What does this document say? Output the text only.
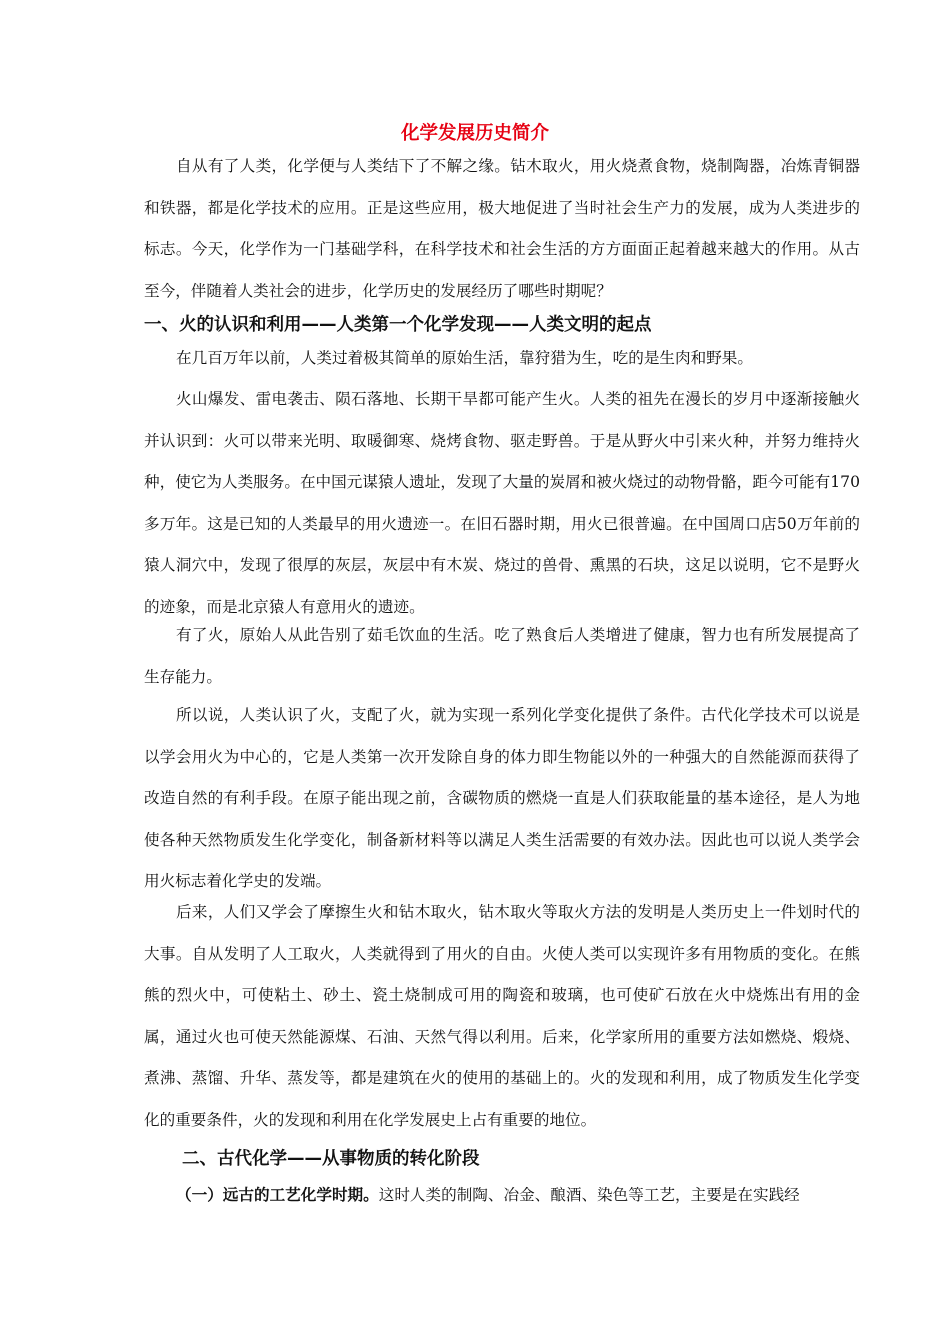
化学发展历史简介

自从有了人类，化学便与人类结下了不解之缘。钻木取火，用火烧煮食物，烧制陶器，冶炼青铜器和铁器，都是化学技术的应用。正是这些应用，极大地促进了当时社会生产力的发展，成为人类进步的标志。今天，化学作为一门基础学科，在科学技术和社会生活的方方面面正起着越来越大的作用。从古至今，伴随着人类社会的进步，化学历史的发展经历了哪些时期呢？

一、火的认识和利用——人类第一个化学发现——人类文明的起点

在几百万年以前，人类过着极其简单的原始生活，靠狩猎为生，吃的是生肉和野果。

火山爆发、雷电袭击、陨石落地、长期干旱都可能产生火。人类的祖先在漫长的岁月中逐渐接触火并认识到：火可以带来光明、取暖御寒、烧烤食物、驱走野兽。于是从野火中引来火种，并努力维持火种，使它为人类服务。在中国元谋猿人遗址，发现了大量的炭屑和被火烧过的动物骨骼，距今可能有170多万年。这是已知的人类最早的用火遗迹一。在旧石器时期，用火已很普遍。在中国周口店50万年前的猿人洞穴中，发现了很厚的灰层，灰层中有木炭、烧过的兽骨、熏黑的石块，这足以说明，它不是野火的迹象，而是北京猿人有意用火的遗迹。

有了火，原始人从此告别了茹毛饮血的生活。吃了熟食后人类增进了健康，智力也有所发展提高了生存能力。

所以说，人类认识了火，支配了火，就为实现一系列化学变化提供了条件。古代化学技术可以说是以学会用火为中心的，它是人类第一次开发除自身的体力即生物能以外的一种强大的自然能源而获得了改造自然的有利手段。在原子能出现之前，含碳物质的燃烧一直是人们获取能量的基本途径，是人为地使各种天然物质发生化学变化，制备新材料等以满足人类生活需要的有效办法。因此也可以说人类学会用火标志着化学史的发端。

后来，人们又学会了摩擦生火和钻木取火，钻木取火等取火方法的发明是人类历史上一件划时代的大事。自从发明了人工取火，人类就得到了用火的自由。火使人类可以实现许多有用物质的变化。在熊熊的烈火中，可使粘土、砂土、瓷土烧制成可用的陶瓷和玻璃，也可使矿石放在火中烧炼出有用的金属，通过火也可使天然能源煤、石油、天然气得以利用。后来，化学家所用的重要方法如燃烧、煅烧、煮沸、蒸馏、升华、蒸发等，都是建筑在火的使用的基础上的。火的发现和利用，成了物质发生化学变化的重要条件，火的发现和利用在化学发展史上占有重要的地位。

二、古代化学——从事物质的转化阶段

（一）远古的工艺化学时期。这时人类的制陶、冶金、酿酒、染色等工艺，主要是在实践经
